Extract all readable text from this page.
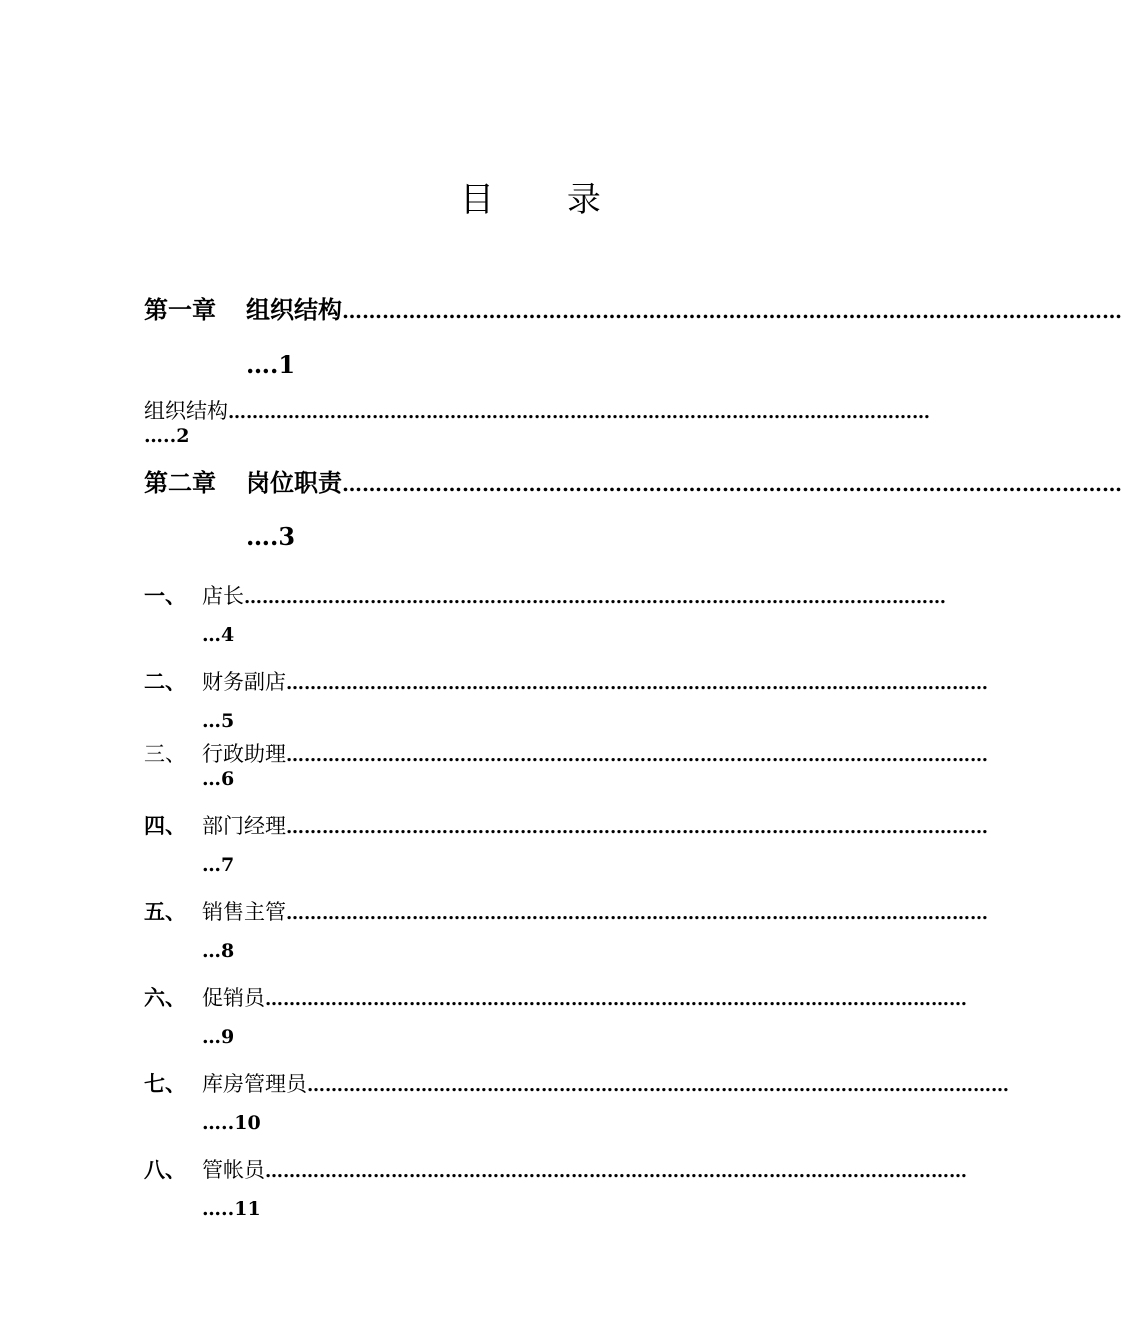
目 录
第一章 组织结构………………………………………………………………………………………………………
….1
组织结构………………………………………………………………………………………………………
…..2
第二章 岗位职责………………………………………………………………………………………………………
….3
一、 店长………………………………………………………………………………………………………
…4
二、 财务副店………………………………………………………………………………………………………
…5
三、 行政助理………………………………………………………………………………………………………
…6
四、 部门经理………………………………………………………………………………………………………
…7
五、 销售主管………………………………………………………………………………………………………
…8
六、 促销员………………………………………………………………………………………………………
…9
七、 库房管理员………………………………………………………………………………………………………
…..10
八、 管帐员………………………………………………………………………………………………………
…..11
